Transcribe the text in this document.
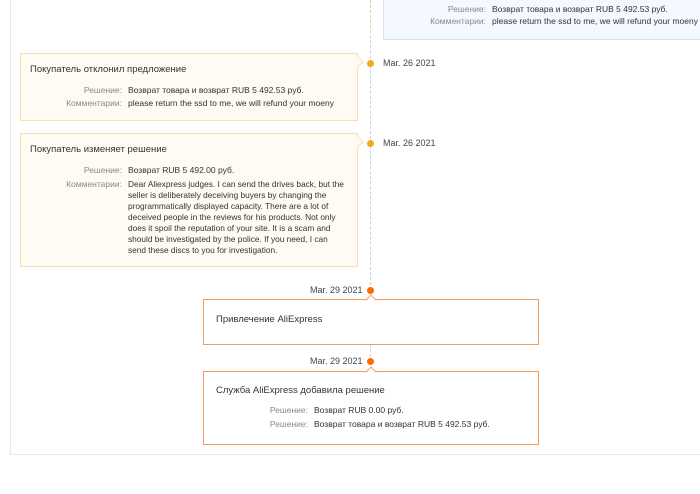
Решение: Возврат товара и возврат RUB 5 492.53 руб.
Комментарии: please return the ssd to me, we will refund your moeny
Mar. 26 2021
Покупатель отклонил предложение
Решение: Возврат товара и возврат RUB 5 492.53 руб.
Комментарии: please return the ssd to me, we will refund your moeny
Mar. 26 2021
Покупатель изменяет решение
Решение: Возврат RUB 5 492.00 руб.
Комментарии: Dear Aliexpress judges. I can send the drives back, but the seller is deliberately deceiving buyers by changing the programmatically displayed capacity. There are a lot of deceived people in the reviews for his products. Not only does it spoil the reputation of your site. It is a scam and should be investigated by the police. If you need, I can send these discs to you for investigation.
Mar. 29 2021
Привлечение AliExpress
Mar. 29 2021
Служба AliExpress добавила решение
Решение: Возврат RUB 0.00 руб.
Решение: Возврат товара и возврат RUB 5 492.53 руб.
